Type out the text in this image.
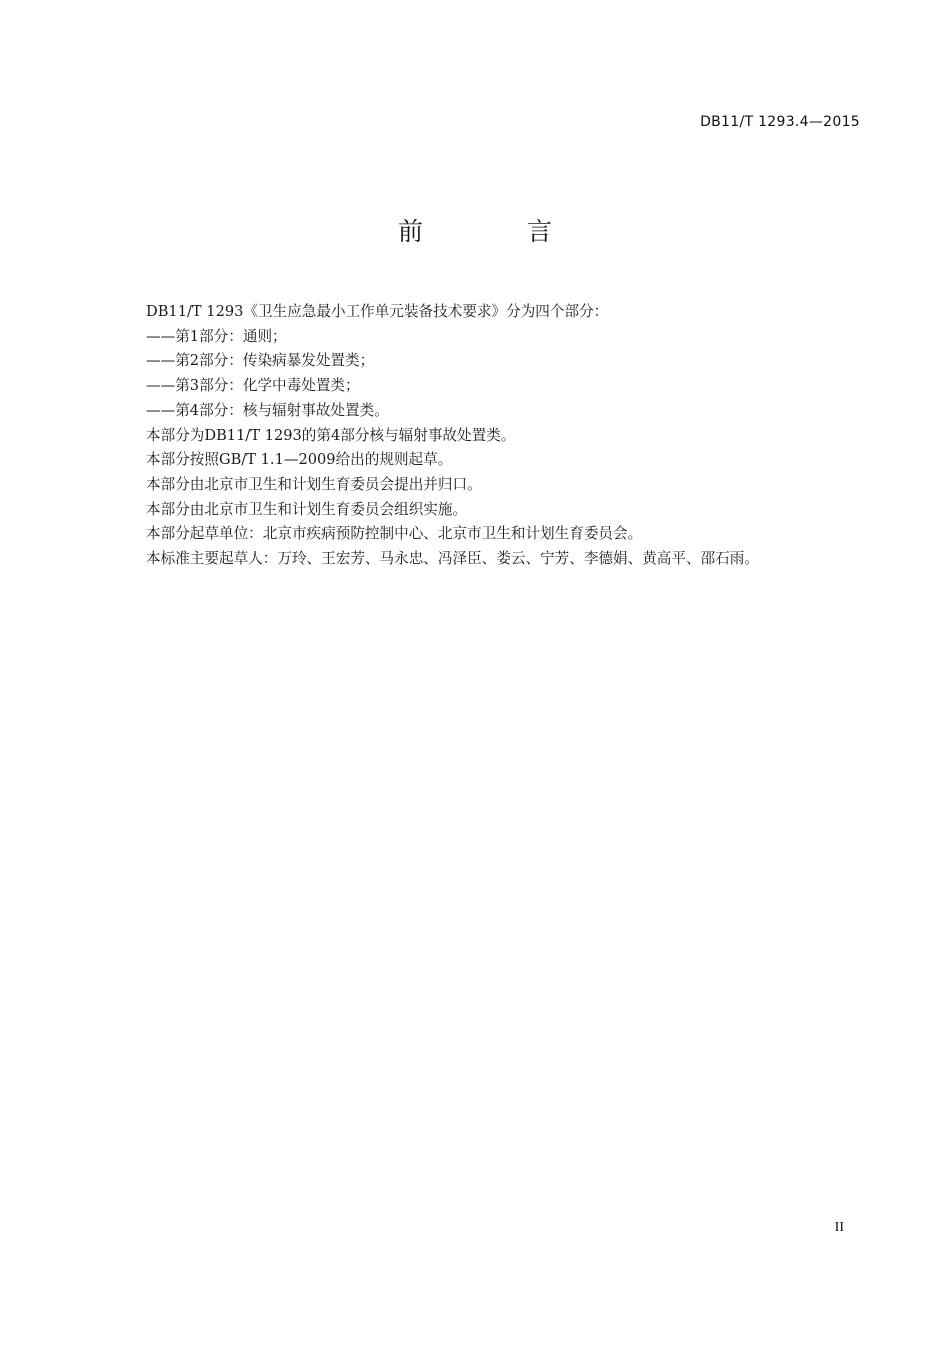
DB11/T 1293.4—2015
前 言
DB11/T 1293《卫生应急最小工作单元装备技术要求》分为四个部分：
——第1部分：通则；
——第2部分：传染病暴发处置类；
——第3部分：化学中毒处置类；
——第4部分：核与辐射事故处置类。
本部分为DB11/T 1293的第4部分核与辐射事故处置类。
本部分按照GB/T 1.1—2009给出的规则起草。
本部分由北京市卫生和计划生育委员会提出并归口。
本部分由北京市卫生和计划生育委员会组织实施。
本部分起草单位：北京市疾病预防控制中心、北京市卫生和计划生育委员会。
本标准主要起草人：万玲、王宏芳、马永忠、冯泽臣、娄云、宁芳、李德娟、黄高平、邵石雨。
II
